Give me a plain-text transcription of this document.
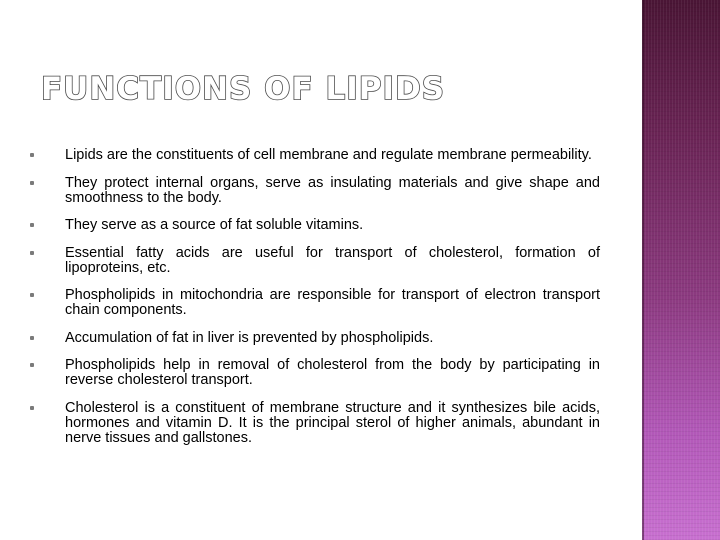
FUNCTIONS OF LIPIDS
Lipids are the constituents of cell membrane and regulate membrane permeability.
They protect internal organs, serve as insulating materials and give shape and smoothness to the body.
They serve as a source of fat soluble vitamins.
Essential fatty acids are useful for transport of cholesterol, formation of lipoproteins, etc.
Phospholipids in mitochondria are responsible for transport of electron transport chain components.
Accumulation of fat in liver is prevented by phospholipids.
Phospholipids help in removal of cholesterol from the body by participating in reverse cholesterol transport.
Cholesterol is a constituent of membrane structure and it synthesizes bile acids, hormones and vitamin D. It is the principal sterol of higher animals, abundant in nerve tissues and gallstones.
